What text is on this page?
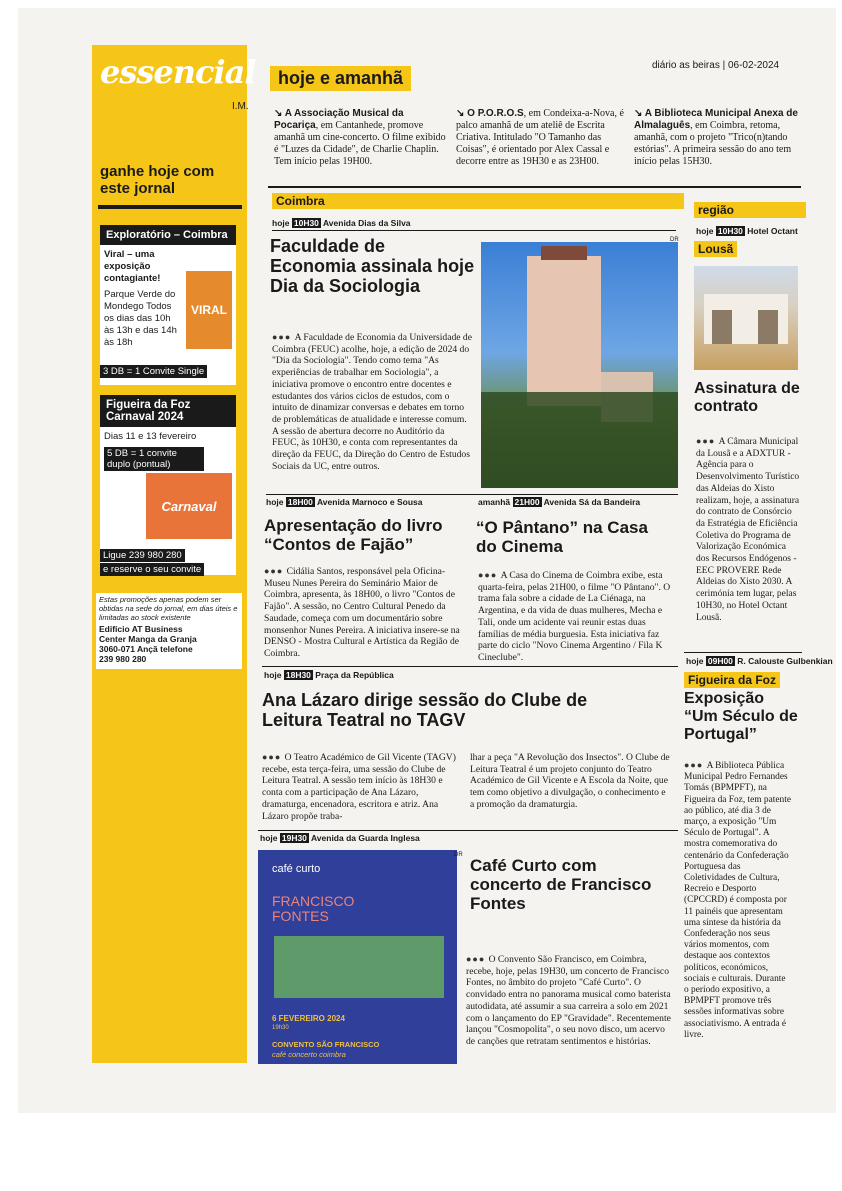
diário as beiras | 06-02-2024
hoje e amanhã
essencial
I.M.
ganhe hoje com este jornal
Exploratório – Coimbra
Viral – uma exposição contagiante!
Parque Verde do Mondego Todos os dias das 10h às 13h e das 14h às 18h
VIRAL
3 DB = 1 Convite Single
Figueira da Foz Carnaval 2024
Dias 11 e 13 fevereiro
5 DB = 1 convite duplo (pontual)
Carnaval
Ligue 239 980 280
e reserve o seu convite
Estas promoções apenas podem ser obtidas na sede do jornal, em dias úteis e limitadas ao stock existente
Edifício AT Business Center Manga da Granja 3060-071 Ançã telefone 239 980 280
↘ A Associação Musical da Pocariça, em Cantanhede, promove amanhã um cine-concerto. O filme exibido é "Luzes da Cidade", de Charlie Chaplin. Tem início pelas 19H00.
↘ O P.O.R.O.S, em Condeixa-a-Nova, é palco amanhã de um ateliê de Escrita Criativa. Intitulado "O Tamanho das Coisas", é orientado por Alex Cassal e decorre entre as 19H30 e as 23H00.
↘ A Biblioteca Municipal Anexa de Almalaguês, em Coimbra, retoma, amanhã, com o projeto "Trico(n)tando estórias". A primeira sessão do ano tem início pelas 15H30.
Coimbra
região
hoje 10H30 Avenida Dias da Silva
Faculdade de Economia assinala hoje Dia da Sociologia
●●● A Faculdade de Economia da Universidade de Coimbra (FEUC) acolhe, hoje, a edição de 2024 do "Dia da Sociologia". Tendo como tema "As experiências de trabalhar em Sociologia", a iniciativa promove o encontro entre docentes e estudantes dos vários ciclos de estudos, com o intuito de dinamizar conversas e debates em torno de problemáticas de atualidade e interesse comum. A sessão de abertura decorre no Auditório da FEUC, às 10H30, e conta com representantes da direção da FEUC, da Direção do Centro de Estudos Sociais da UC, entre outros.
DR
hoje 18H00 Avenida Marnoco e Sousa
Apresentação do livro “Contos de Fajão”
●●● Cidália Santos, responsável pela Oficina-Museu Nunes Pereira do Seminário Maior de Coimbra, apresenta, às 18H00, o livro "Contos de Fajão". A sessão, no Centro Cultural Penedo da Saudade, começa com um documentário sobre monsenhor Nunes Pereira. A iniciativa insere-se na DENSO - Mostra Cultural e Artística da Região de Coimbra.
amanhã 21H00 Avenida Sá da Bandeira
“O Pântano” na Casa do Cinema
●●● A Casa do Cinema de Coimbra exibe, esta quarta-feira, pelas 21H00, o filme "O Pântano". O trama fala sobre a cidade de La Ciénaga, na Argentina, e da vida de duas mulheres, Mecha e Tali, onde um acidente vai reunir estas duas famílias de média burguesia. Esta iniciativa faz parte do ciclo "Novo Cinema Argentino / Fila K Cineclube".
hoje 18H30 Praça da República
Ana Lázaro dirige sessão do Clube de Leitura Teatral no TAGV
●●● O Teatro Académico de Gil Vicente (TAGV) recebe, esta terça-feira, uma sessão do Clube de Leitura Teatral. A sessão tem início às 18H30 e conta com a participação de Ana Lázaro, dramaturga, encenadora, escritora e atriz. Ana Lázaro propõe traba-
lhar a peça "A Revolução dos Insectos". O Clube de Leitura Teatral é um projeto conjunto do Teatro Académico de Gil Vicente e A Escola da Noite, que tem como objetivo a divulgação, o conhecimento e a promoção da dramaturgia.
hoje 19H30 Avenida da Guarda Inglesa
café curto
FRANCISCO FONTES
6 FEVEREIRO 2024
19h30
CONVENTO SÃO FRANCISCO
café concerto coimbra
DR
Café Curto com concerto de Francisco Fontes
●●● O Convento São Francisco, em Coimbra, recebe, hoje, pelas 19H30, um concerto de Francisco Fontes, no âmbito do projeto "Café Curto". O convidado entra no panorama musical como baterista autodidata, até assumir a sua carreira a solo em 2021 com o lançamento do EP "Gravidade". Recentemente lançou "Cosmopolita", o seu novo disco, um acervo de canções que retratam sentimentos e histórias.
hoje 10H30 Hotel Octant
Lousã
Assinatura de contrato
●●● A Câmara Municipal da Lousã e a ADXTUR - Agência para o Desenvolvimento Turístico das Aldeias do Xisto realizam, hoje, a assinatura do contrato de Consórcio da Estratégia de Eficiência Coletiva do Programa de Valorização Económica dos Recursos Endógenos - EEC PROVERE Rede Aldeias do Xisto 2030. A cerimónia tem lugar, pelas 10H30, no Hotel Octant Lousã.
hoje 09H00 R. Calouste Gulbenkian
Figueira da Foz
Exposição “Um Século de Portugal”
●●● A Biblioteca Pública Municipal Pedro Fernandes Tomás (BPMPFT), na Figueira da Foz, tem patente ao público, até dia 3 de março, a exposição "Um Século de Portugal". A mostra comemorativa do centenário da Confederação Portuguesa das Coletividades de Cultura, Recreio e Desporto (CPCCRD) é composta por 11 painéis que apresentam uma síntese da história da Confederação nos seus vários momentos, com destaque aos contextos políticos, económicos, sociais e culturais. Durante o período expositivo, a BPMPFT promove três sessões informativas sobre associativismo. A entrada é livre.
